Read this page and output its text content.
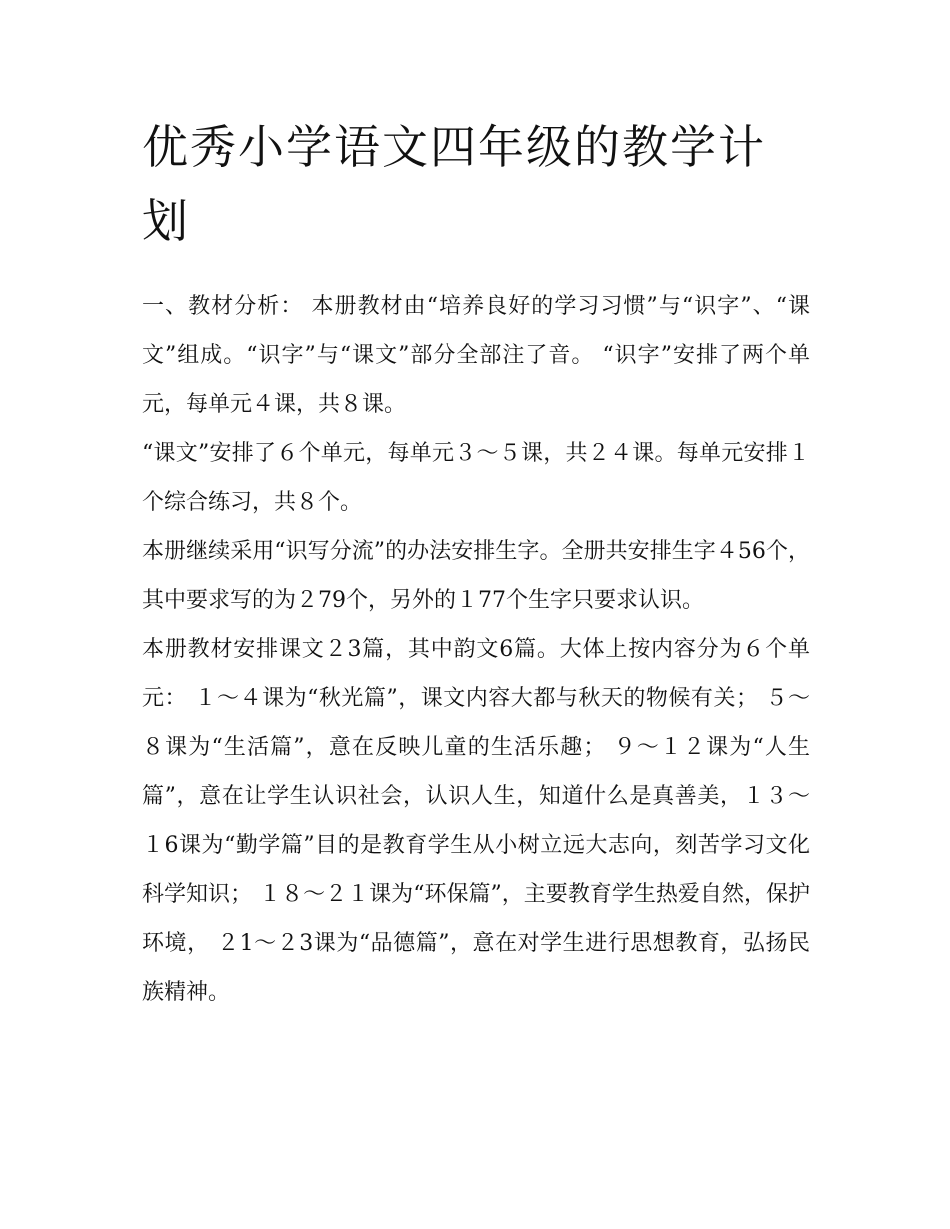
优秀小学语文四年级的教学计划

一、教材分析： 本册教材由“培养良好的学习习惯”与“识字”、“课文”组成。“识字”与“课文”部分全部注了音。 “识字”安排了两个单元，每单元４课，共８课。

“课文”安排了６个单元，每单元３～５课，共２４课。每单元安排１个综合练习，共８个。

本册继续采用“识写分流”的办法安排生字。全册共安排生字４56个，其中要求写的为２79个，另外的１77个生字只要求认识。

本册教材安排课文２3篇，其中韵文6篇。大体上按内容分为６个单元： １～４课为“秋光篇”，课文内容大都与秋天的物候有关； ５～８课为“生活篇”，意在反映儿童的生活乐趣； ９～１２课为“人生篇”，意在让学生认识社会，认识人生，知道什么是真善美，１３～１6课为“勤学篇”目的是教育学生从小树立远大志向，刻苦学习文化科学知识； １８～２１课为“环保篇”，主要教育学生热爱自然，保护环境， ２1～２3课为“品德篇”，意在对学生进行思想教育，弘扬民族精神。
